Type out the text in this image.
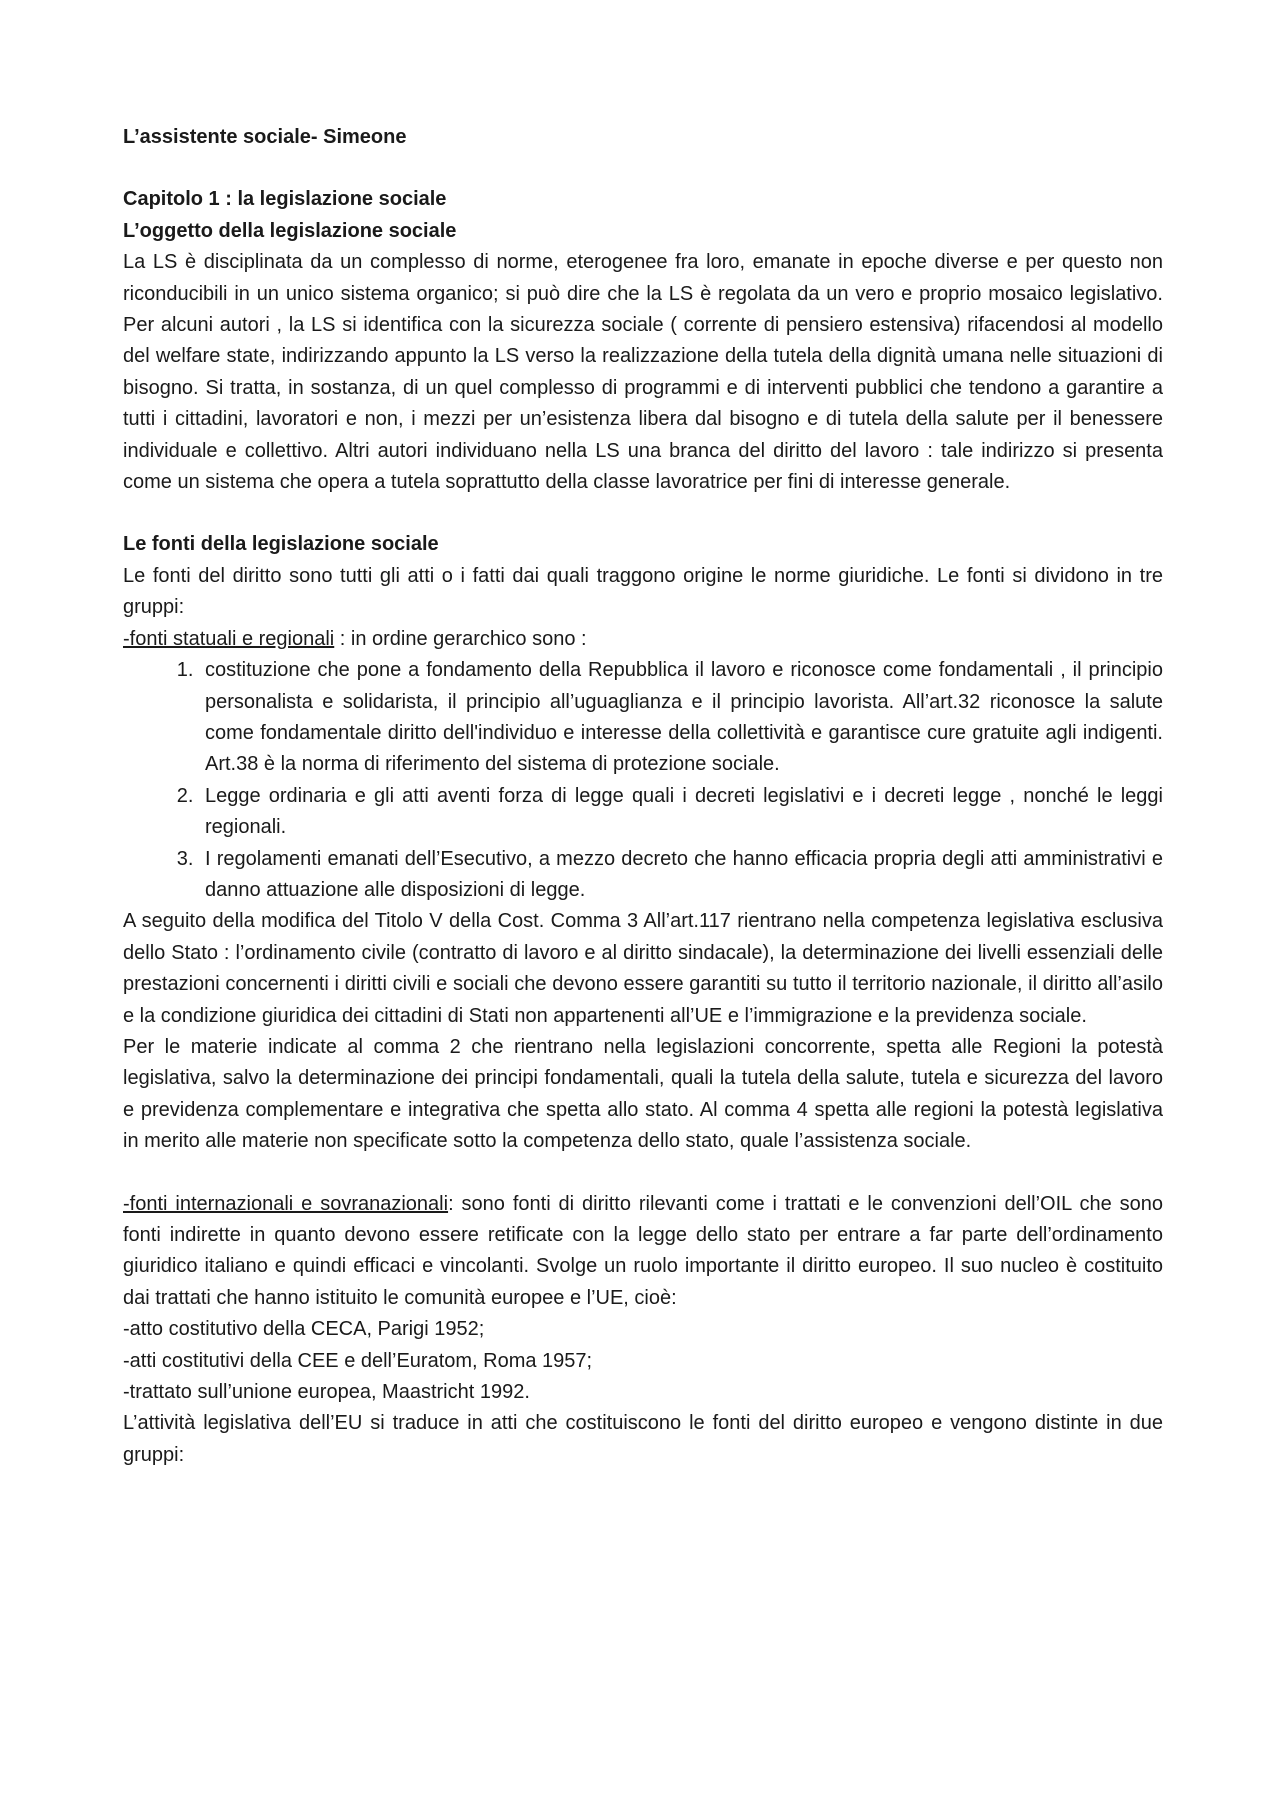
L’assistente sociale- Simeone

Capitolo 1 : la legislazione sociale

L’oggetto della legislazione sociale

La LS è disciplinata da un complesso di norme, eterogenee fra loro, emanate in epoche diverse e per questo non riconducibili in un unico sistema organico; si può dire che la LS è regolata da un vero e proprio mosaico legislativo. Per alcuni autori , la LS si identifica con la sicurezza sociale ( corrente di pensiero estensiva) rifacendosi al modello del welfare state, indirizzando appunto la LS verso la realizzazione della tutela della dignità umana nelle situazioni di bisogno. Si tratta, in sostanza, di un quel complesso di programmi e di interventi pubblici che tendono a garantire a tutti i cittadini, lavoratori e non, i mezzi per un’esistenza libera dal bisogno e di tutela della salute per il benessere individuale e collettivo. Altri autori individuano nella LS una branca del diritto del lavoro : tale indirizzo si presenta come un sistema che opera a tutela soprattutto della classe lavoratrice per fini di interesse generale.

Le fonti della legislazione sociale

Le fonti del diritto sono tutti gli atti o i fatti dai quali traggono origine le norme giuridiche. Le fonti si dividono in tre gruppi:

-fonti statuali e regionali : in ordine gerarchico sono :

1. costituzione che pone a fondamento della Repubblica il lavoro e riconosce come fondamentali , il principio personalista e solidarista, il principio all’uguaglianza e il principio lavorista. All’art.32 riconosce la salute come fondamentale diritto dell'individuo e interesse della collettività e garantisce cure gratuite agli indigenti. Art.38 è la norma di riferimento del sistema di protezione sociale.
2. Legge ordinaria e gli atti aventi forza di legge quali i decreti legislativi e i decreti legge , nonché le leggi regionali.
3. I regolamenti emanati dell’Esecutivo, a mezzo decreto che hanno efficacia propria degli atti amministrativi e danno attuazione alle disposizioni di legge.

A seguito della modifica del Titolo V della Cost. Comma 3 All’art.117 rientrano nella competenza legislativa esclusiva dello Stato : l’ordinamento civile (contratto di lavoro e al diritto sindacale), la determinazione dei livelli essenziali delle prestazioni concernenti i diritti civili e sociali che devono essere garantiti su tutto il territorio nazionale, il diritto all’asilo e la condizione giuridica dei cittadini di Stati non appartenenti all’UE e l’immigrazione e la previdenza sociale.

Per le materie indicate al comma 2 che rientrano nella legislazioni concorrente, spetta alle Regioni la potestà legislativa, salvo la determinazione dei principi fondamentali, quali la tutela della salute, tutela e sicurezza del lavoro e previdenza complementare e integrativa che spetta allo stato. Al comma 4 spetta alle regioni la potestà legislativa in merito alle materie non specificate sotto la competenza dello stato, quale l’assistenza sociale.

-fonti internazionali e sovranazionali: sono fonti di diritto rilevanti come i trattati e le convenzioni dell’OIL che sono fonti indirette in quanto devono essere retificate con la legge dello stato per entrare a far parte dell’ordinamento giuridico italiano e quindi efficaci e vincolanti. Svolge un ruolo importante il diritto europeo. Il suo nucleo è costituito dai trattati che hanno istituito le comunità europee e l’UE, cioè:

-atto costitutivo della CECA, Parigi 1952;

-atti costitutivi della CEE e dell’Euratom, Roma 1957;

-trattato sull’unione europea, Maastricht 1992.

L’attività legislativa dell’EU si traduce in atti che costituiscono le fonti del diritto europeo e vengono distinte in due gruppi:
